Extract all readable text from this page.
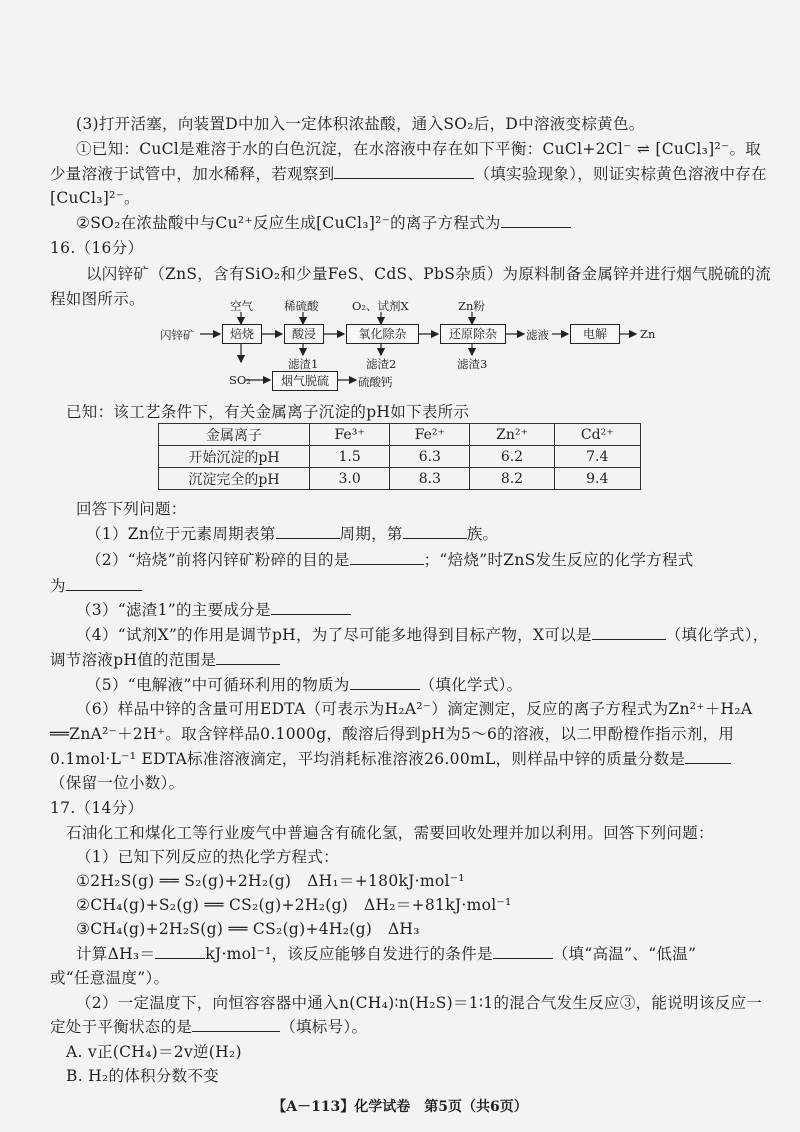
(3)打开活塞，向装置D中加入一定体积浓盐酸，通入SO₂后，D中溶液变棕黄色。
①已知：CuCl是难溶于水的白色沉淀，在水溶液中存在如下平衡：CuCl+2Cl⁻ ⇌ [CuCl₃]²⁻。取
少量溶液于试管中，加水稀释，若观察到	（填实验现象），则证实棕黄色溶液中存在
[CuCl₃]²⁻。
②SO₂在浓盐酸中与Cu²⁺反应生成[CuCl₃]²⁻的离子方程式为
16.（16分）
以闪锌矿（ZnS，含有SiO₂和少量FeS、CdS、PbS杂质）为原料制备金属锌并进行烟气脱硫的流
程如图所示。	空气	稀硫酸	O₂、试剂X	Zn粉
闪锌矿	焙烧	酸浸	氧化除杂	还原除杂	滤液	电解	Zn
滤渣1	滤渣2	滤渣3
SO₂	烟气脱硫	硫酸钙
已知：该工艺条件下，有关金属离子沉淀的pH如下表所示
金属离子	Fe³⁺	Fe²⁺	Zn²⁺	Cd²⁺
开始沉淀的pH	1.5	6.3	6.2	7.4
沉淀完全的pH	3.0	8.3	8.2	9.4
回答下列问题：
（1）Zn位于元素周期表第	周期，第	族。
（2）“焙烧”前将闪锌矿粉碎的目的是	；“焙烧”时ZnS发生反应的化学方程式
为
（3）“滤渣1”的主要成分是
（4）“试剂X”的作用是调节pH，为了尽可能多地得到目标产物，X可以是	（填化学式），
调节溶液pH值的范围是
（5）“电解液”中可循环利用的物质为	（填化学式）。
（6）样品中锌的含量可用EDTA（可表示为H₂A²⁻）滴定测定，反应的离子方程式为Zn²⁺＋H₂A
══ZnA²⁻＋2H⁺。取含锌样品0.1000g，酸溶后得到pH为5～6的溶液，以二甲酚橙作指示剂，用
0.1mol·L⁻¹ EDTA标准溶液滴定，平均消耗标准溶液26.00mL，则样品中锌的质量分数是
（保留一位小数）。
17.（14分）
石油化工和煤化工等行业废气中普遍含有硫化氢，需要回收处理并加以利用。回答下列问题：
（1）已知下列反应的热化学方程式：
①2H₂S(g) ══ S₂(g)+2H₂(g)　ΔH₁＝+180kJ·mol⁻¹
②CH₄(g)+S₂(g) ══ CS₂(g)+2H₂(g)　ΔH₂＝+81kJ·mol⁻¹
③CH₄(g)+2H₂S(g) ══ CS₂(g)+4H₂(g)　ΔH₃
计算ΔH₃＝	kJ·mol⁻¹，该反应能够自发进行的条件是	（填“高温”、“低温”
或“任意温度”）。
（2）一定温度下，向恒容容器中通入n(CH₄)∶n(H₂S)＝1∶1的混合气发生反应③，能说明该反应一
定处于平衡状态的是	（填标号）。
A. v正(CH₄)＝2v逆(H₂)
B. H₂的体积分数不变
【A－113】化学试卷　第5页（共6页）
